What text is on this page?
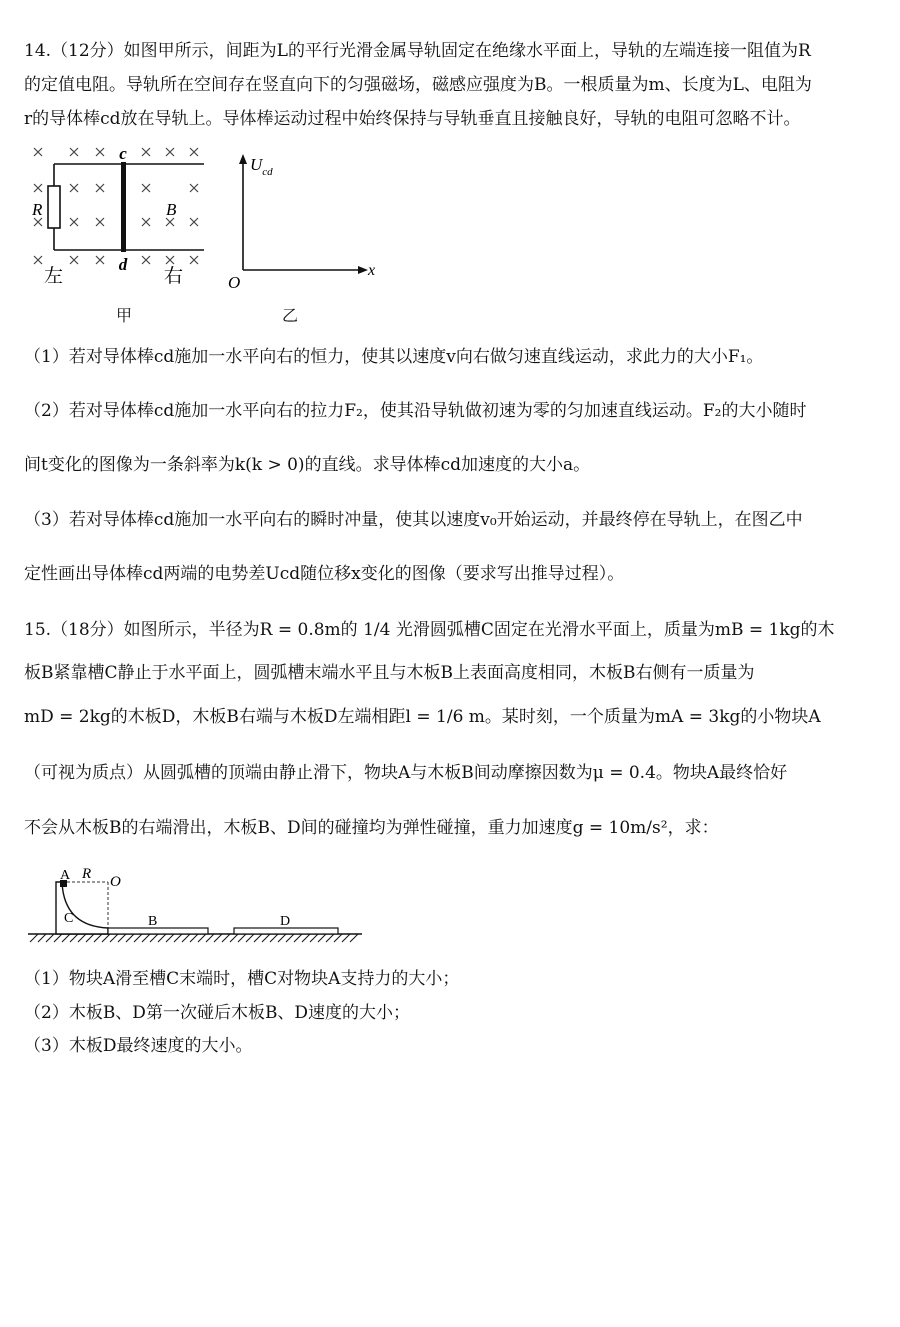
14.（12分）如图甲所示，间距为L的平行光滑金属导轨固定在绝缘水平面上，导轨的左端连接一阻值为R
的定值电阻。导轨所在空间存在竖直向下的匀强磁场，磁感应强度为B。一根质量为m、长度为L、电阻为
r的导体棒cd放在导轨上。导体棒运动过程中始终保持与导轨垂直且接触良好，导轨的电阻可忽略不计。
c
d
R	B
左	右
甲
$U_{cd}$
x
O
乙
（1）若对导体棒cd施加一水平向右的恒力，使其以速度v向右做匀速直线运动，求此力的大小F₁。
（2）若对导体棒cd施加一水平向右的拉力F₂，使其沿导轨做初速为零的匀加速直线运动。F₂的大小随时
间t变化的图像为一条斜率为k(k > 0)的直线。求导体棒cd加速度的大小a。
（3）若对导体棒cd施加一水平向右的瞬时冲量，使其以速度v₀开始运动，并最终停在导轨上，在图乙中
定性画出导体棒cd两端的电势差Ucd随位移x变化的图像（要求写出推导过程）。
15.（18分）如图所示，半径为R = 0.8m的 1/4 光滑圆弧槽C固定在光滑水平面上，质量为mB = 1kg的木
板B紧靠槽C静止于水平面上，圆弧槽末端水平且与木板B上表面高度相同，木板B右侧有一质量为
mD = 2kg的木板D，木板B右端与木板D左端相距l = 1/6 m。某时刻，一个质量为mA = 3kg的小物块A
（可视为质点）从圆弧槽的顶端由静止滑下，物块A与木板B间动摩擦因数为μ = 0.4。物块A最终恰好
不会从木板B的右端滑出，木板B、D间的碰撞均为弹性碰撞，重力加速度g = 10m/s²，求：
A R O
C	B	D
（1）物块A滑至槽C末端时，槽C对物块A支持力的大小；
（2）木板B、D第一次碰后木板B、D速度的大小；
（3）木板D最终速度的大小。
